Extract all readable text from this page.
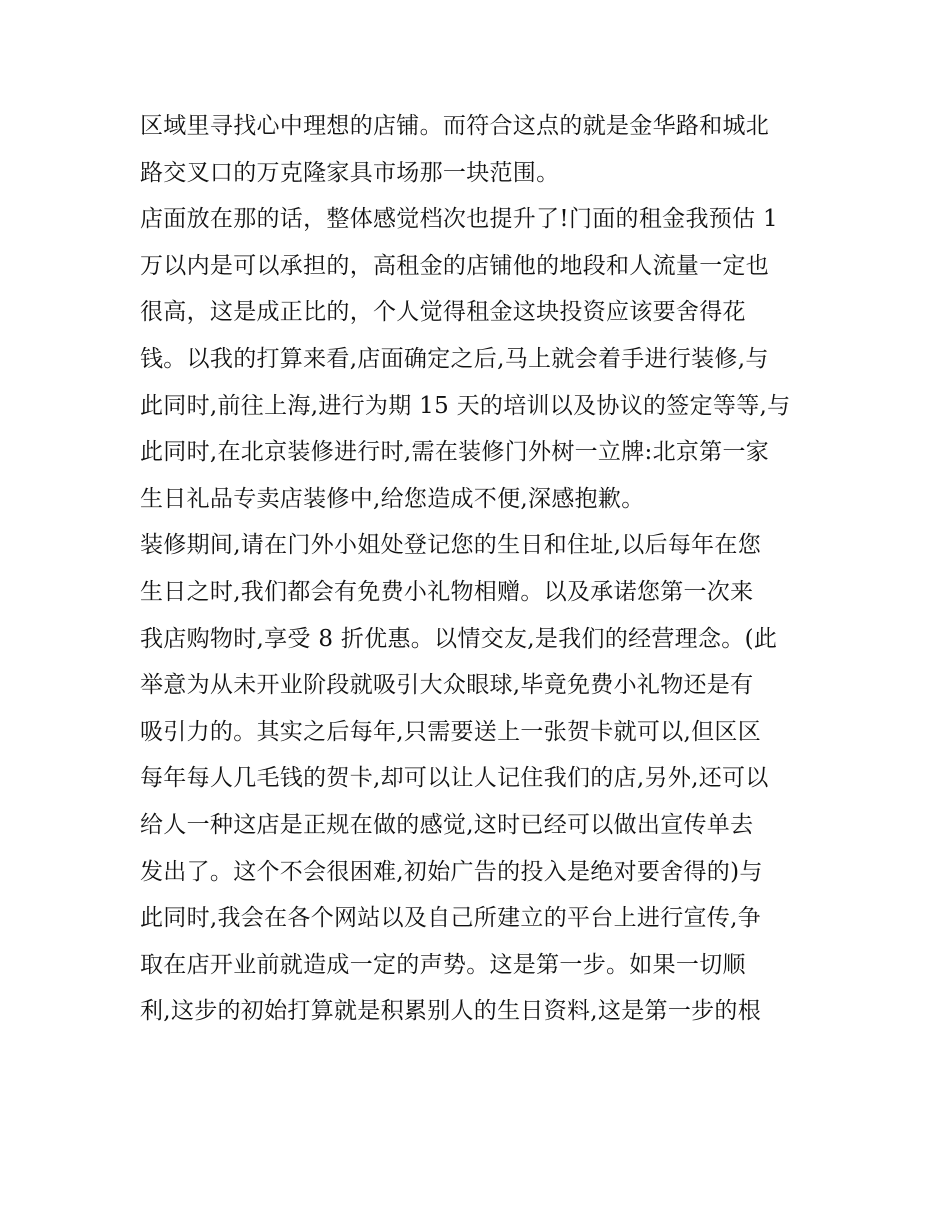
区域里寻找心中理想的店铺。而符合这点的就是金华路和城北
路交叉口的万克隆家具市场那一块范围。
店面放在那的话，整体感觉档次也提升了!门面的租金我预估 1
万以内是可以承担的，高租金的店铺他的地段和人流量一定也
很高，这是成正比的，个人觉得租金这块投资应该要舍得花
钱。以我的打算来看,店面确定之后,马上就会着手进行装修,与
此同时,前往上海,进行为期 15 天的培训以及协议的签定等等,与
此同时,在北京装修进行时,需在装修门外树一立牌:北京第一家
生日礼品专卖店装修中,给您造成不便,深感抱歉。
装修期间,请在门外小姐处登记您的生日和住址,以后每年在您
生日之时,我们都会有免费小礼物相赠。以及承诺您第一次来
我店购物时,享受 8 折优惠。以情交友,是我们的经营理念。(此
举意为从未开业阶段就吸引大众眼球,毕竟免费小礼物还是有
吸引力的。其实之后每年,只需要送上一张贺卡就可以,但区区
每年每人几毛钱的贺卡,却可以让人记住我们的店,另外,还可以
给人一种这店是正规在做的感觉,这时已经可以做出宣传单去
发出了。这个不会很困难,初始广告的投入是绝对要舍得的)与
此同时,我会在各个网站以及自己所建立的平台上进行宣传,争
取在店开业前就造成一定的声势。这是第一步。如果一切顺
利,这步的初始打算就是积累别人的生日资料,这是第一步的根
